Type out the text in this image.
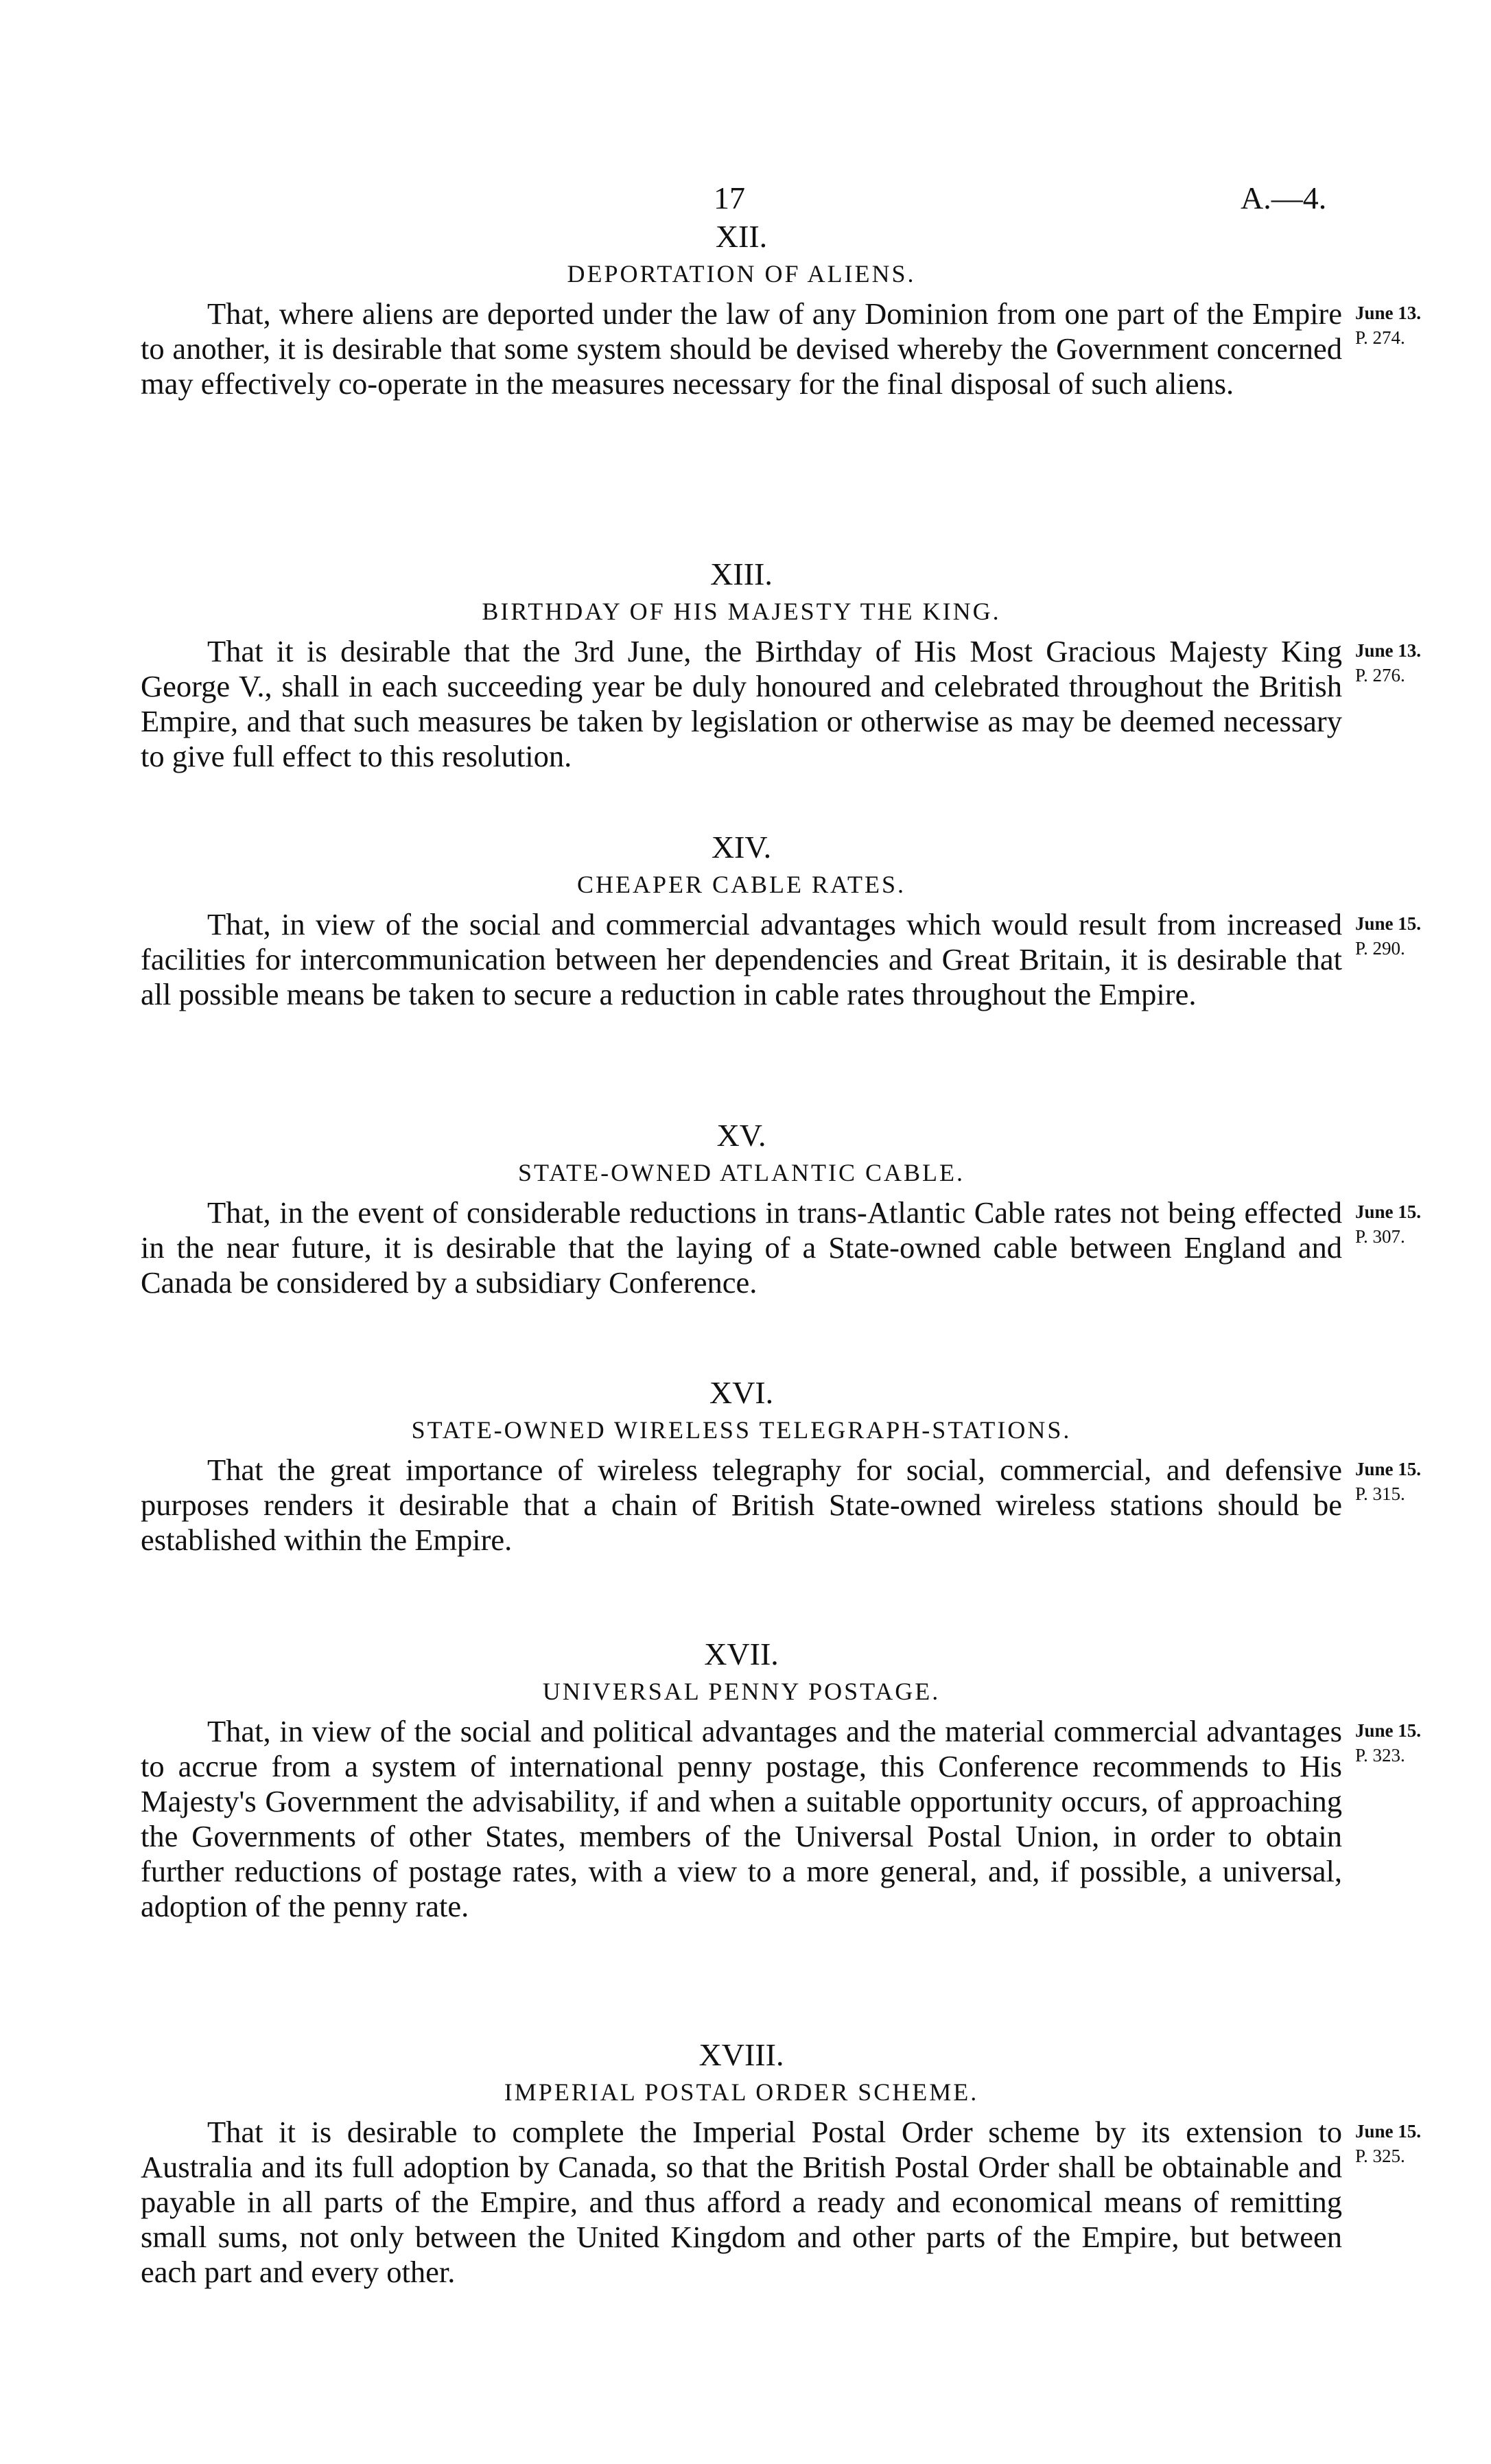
17	A.—4.
XII.
DEPORTATION OF ALIENS.

That, where aliens are deported under the law of any Dominion from one part of the Empire to another, it is desirable that some system should be devised whereby the Government concerned may effectively co-operate in the measures necessary for the final disposal of such aliens.

June 13.
P. 274.
XIII.
BIRTHDAY OF HIS MAJESTY THE KING.

That it is desirable that the 3rd June, the Birthday of His Most Gracious Majesty King George V., shall in each succeeding year be duly honoured and celebrated throughout the British Empire, and that such measures be taken by legislation or otherwise as may be deemed necessary to give full effect to this resolution.

June 13.
P. 276.
XIV.
CHEAPER CABLE RATES.

That, in view of the social and commercial advantages which would result from increased facilities for intercommunication between her dependencies and Great Britain, it is desirable that all possible means be taken to secure a reduction in cable rates throughout the Empire.

June 15.
P. 290.
XV.
STATE-OWNED ATLANTIC CABLE.

That, in the event of considerable reductions in trans-Atlantic Cable rates not being effected in the near future, it is desirable that the laying of a State-owned cable between England and Canada be considered by a subsidiary Conference.

June 15.
P. 307.
XVI.
STATE-OWNED WIRELESS TELEGRAPH-STATIONS.

That the great importance of wireless telegraphy for social, commercial, and defensive purposes renders it desirable that a chain of British State-owned wireless stations should be established within the Empire.

June 15.
P. 315.
XVII.
UNIVERSAL PENNY POSTAGE.

That, in view of the social and political advantages and the material commercial advantages to accrue from a system of international penny postage, this Conference recommends to His Majesty's Government the advisability, if and when a suitable opportunity occurs, of approaching the Governments of other States, members of the Universal Postal Union, in order to obtain further reductions of postage rates, with a view to a more general, and, if possible, a universal, adoption of the penny rate.

June 15.
P. 323.
XVIII.
IMPERIAL POSTAL ORDER SCHEME.

That it is desirable to complete the Imperial Postal Order scheme by its extension to Australia and its full adoption by Canada, so that the British Postal Order shall be obtainable and payable in all parts of the Empire, and thus afford a ready and economical means of remitting small sums, not only between the United Kingdom and other parts of the Empire, but between each part and every other.

June 15.
P. 325.
